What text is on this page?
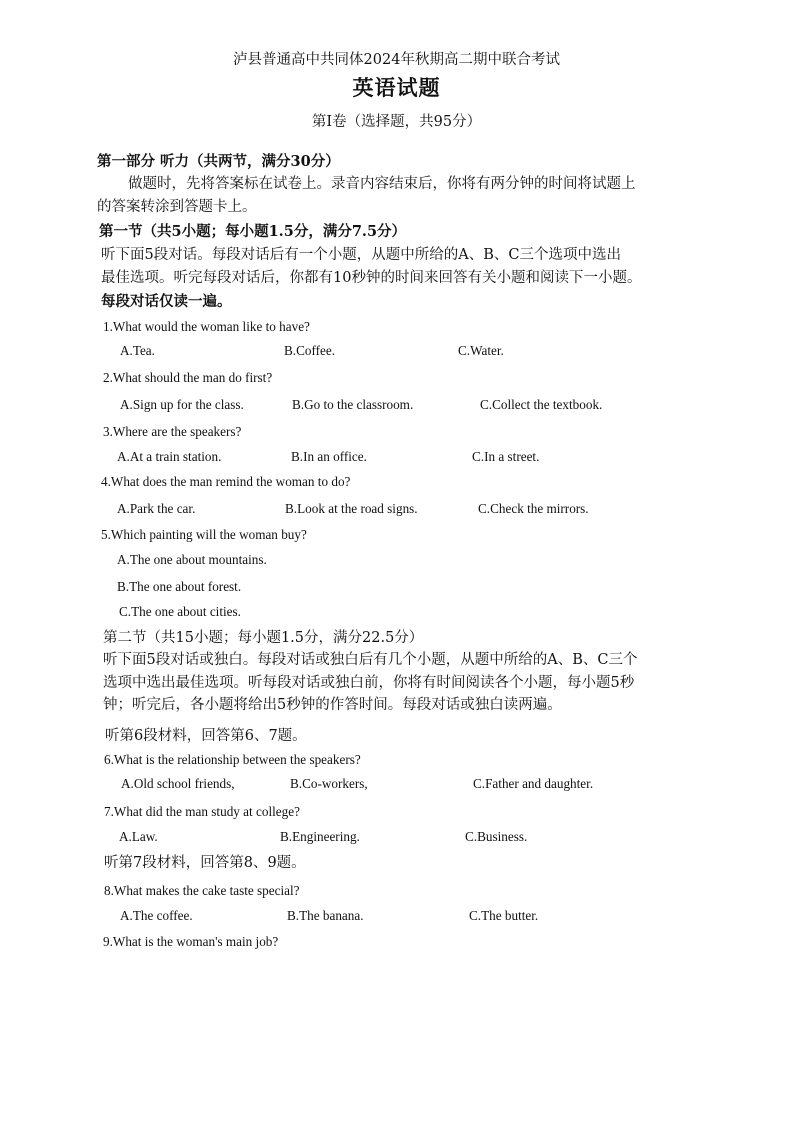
泸县普通高中共同体2024年秋期高二期中联合考试
英语试题
第I卷（选择题，共95分）
第一部分 听力（共两节，满分30分）
做题时，先将答案标在试卷上。录音内容结束后，你将有两分钟的时间将试题上
的答案转涂到答题卡上。
第一节（共5小题；每小题1.5分，满分7.5分）
听下面5段对话。每段对话后有一个小题，从题中所给的A、B、C三个选项中选出
最佳选项。听完每段对话后，你都有10秒钟的时间来回答有关小题和阅读下一小题。
每段对话仅读一遍。
1.What would the woman like to have?
A.Tea.	B.Coffee.	C.Water.
2.What should the man do first?
A.Sign up for the class.	B.Go to the classroom.	C.Collect the textbook.
3.Where are the speakers?
A.At a train station.	B.In an office.	C.In a street.
4.What does the man remind the woman to do?
A.Park the car.	B.Look at the road signs.	C.Check the mirrors.
5.Which painting will the woman buy?
A.The one about mountains.
B.The one about forest.
C.The one about cities.
第二节（共15小题；每小题1.5分，满分22.5分）
听下面5段对话或独白。每段对话或独白后有几个小题，从题中所给的A、B、C三个
选项中选出最佳选项。听每段对话或独白前，你将有时间阅读各个小题，每小题5秒
钟；听完后，各小题将给出5秒钟的作答时间。每段对话或独白读两遍。
听第6段材料，回答第6、7题。
6.What is the relationship between the speakers?
A.Old school friends,	B.Co-workers,	C.Father and daughter.
7.What did the man study at college?
A.Law.	B.Engineering.	C.Business.
听第7段材料，回答第8、9题。
8.What makes the cake taste special?
A.The coffee.	B.The banana.	C.The butter.
9.What is the woman's main job?
